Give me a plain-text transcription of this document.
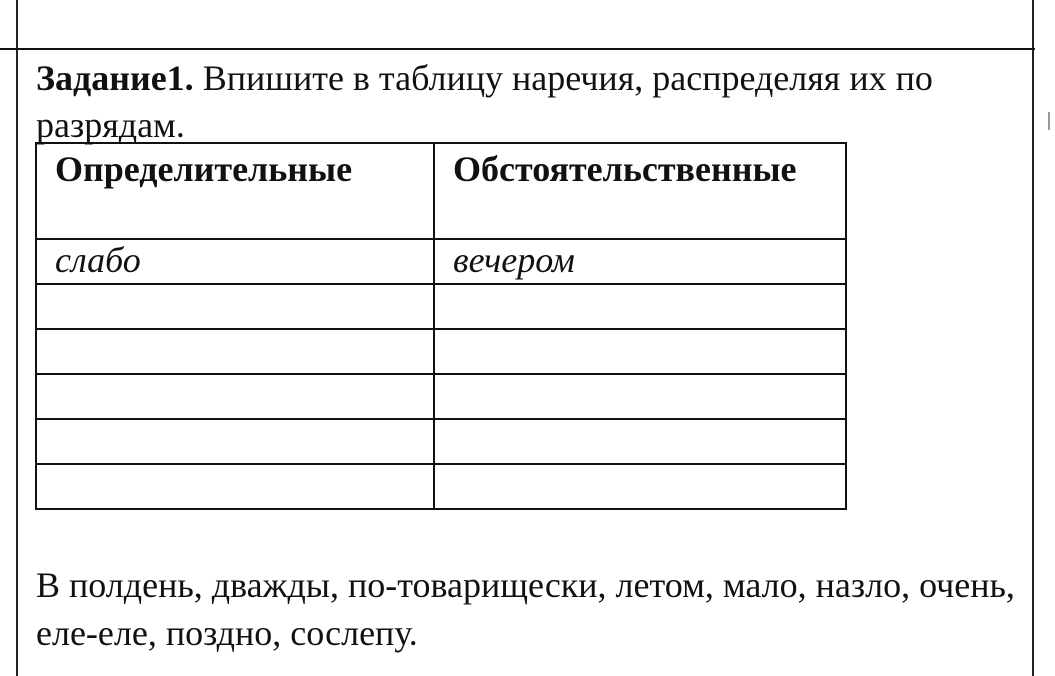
Задание1. Впишите в таблицу наречия, распределяя их по разрядам.
Определительные	Обстоятельственные
слабо	вечером

В полдень, дважды, по-товарищески, летом, мало, назло, очень, еле-еле, поздно, сослепу.
